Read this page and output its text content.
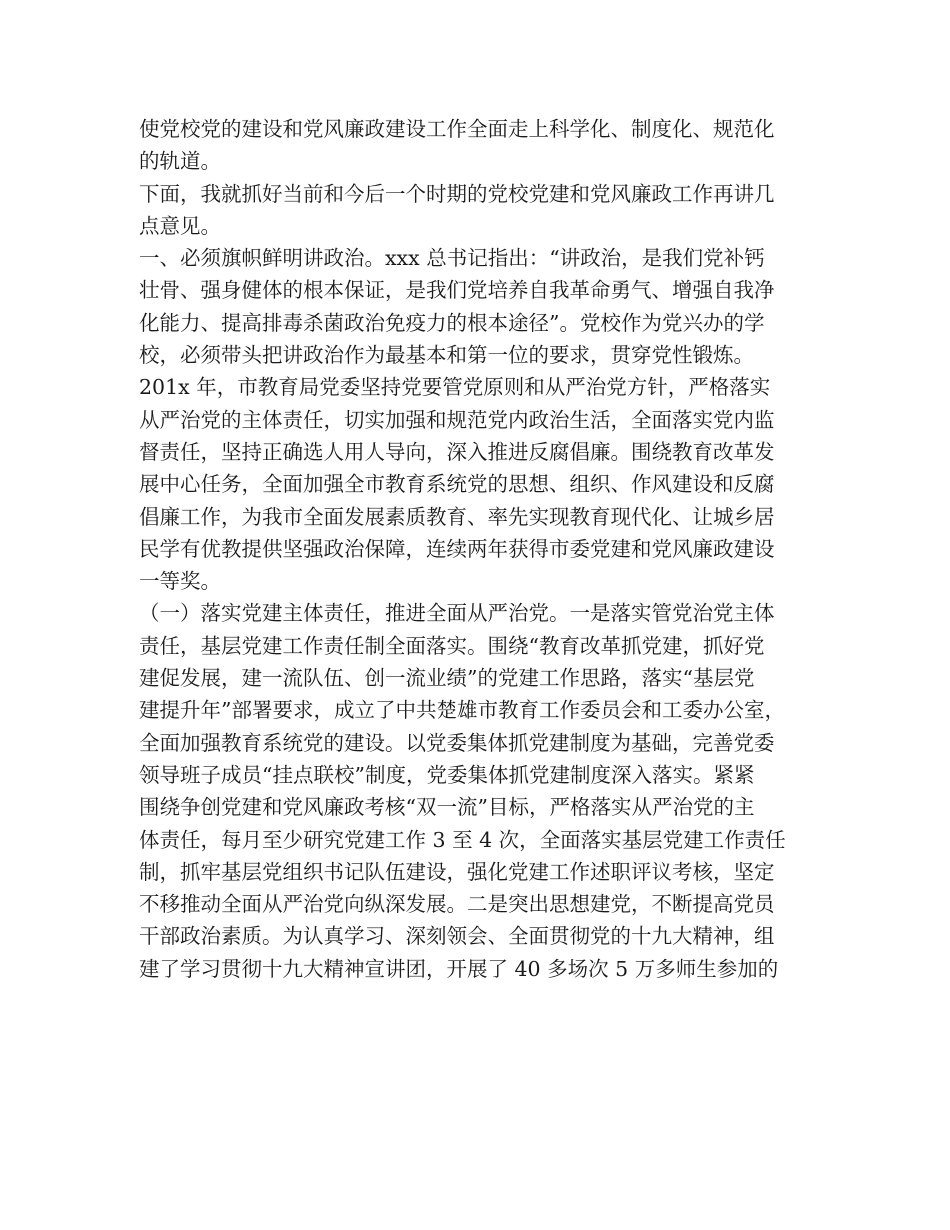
使党校党的建设和党风廉政建设工作全面走上科学化、制度化、规范化
的轨道。
下面，我就抓好当前和今后一个时期的党校党建和党风廉政工作再讲几
点意见。
一、必须旗帜鲜明讲政治。xxx 总书记指出：“讲政治，是我们党补钙
壮骨、强身健体的根本保证，是我们党培养自我革命勇气、增强自我净
化能力、提高排毒杀菌政治免疫力的根本途径”。党校作为党兴办的学
校，必须带头把讲政治作为最基本和第一位的要求，贯穿党性锻炼。
201x 年，市教育局党委坚持党要管党原则和从严治党方针，严格落实
从严治党的主体责任，切实加强和规范党内政治生活，全面落实党内监
督责任，坚持正确选人用人导向，深入推进反腐倡廉。围绕教育改革发
展中心任务，全面加强全市教育系统党的思想、组织、作风建设和反腐
倡廉工作，为我市全面发展素质教育、率先实现教育现代化、让城乡居
民学有优教提供坚强政治保障，连续两年获得市委党建和党风廉政建设
一等奖。
（一）落实党建主体责任，推进全面从严治党。一是落实管党治党主体
责任，基层党建工作责任制全面落实。围绕“教育改革抓党建，抓好党
建促发展，建一流队伍、创一流业绩”的党建工作思路，落实“基层党
建提升年”部署要求，成立了中共楚雄市教育工作委员会和工委办公室，
全面加强教育系统党的建设。以党委集体抓党建制度为基础，完善党委
领导班子成员“挂点联校”制度，党委集体抓党建制度深入落实。紧紧
围绕争创党建和党风廉政考核“双一流”目标，严格落实从严治党的主
体责任，每月至少研究党建工作 3 至 4 次，全面落实基层党建工作责任
制，抓牢基层党组织书记队伍建设，强化党建工作述职评议考核，坚定
不移推动全面从严治党向纵深发展。二是突出思想建党，不断提高党员
干部政治素质。为认真学习、深刻领会、全面贯彻党的十九大精神，组
建了学习贯彻十九大精神宣讲团，开展了 40 多场次 5 万多师生参加的
